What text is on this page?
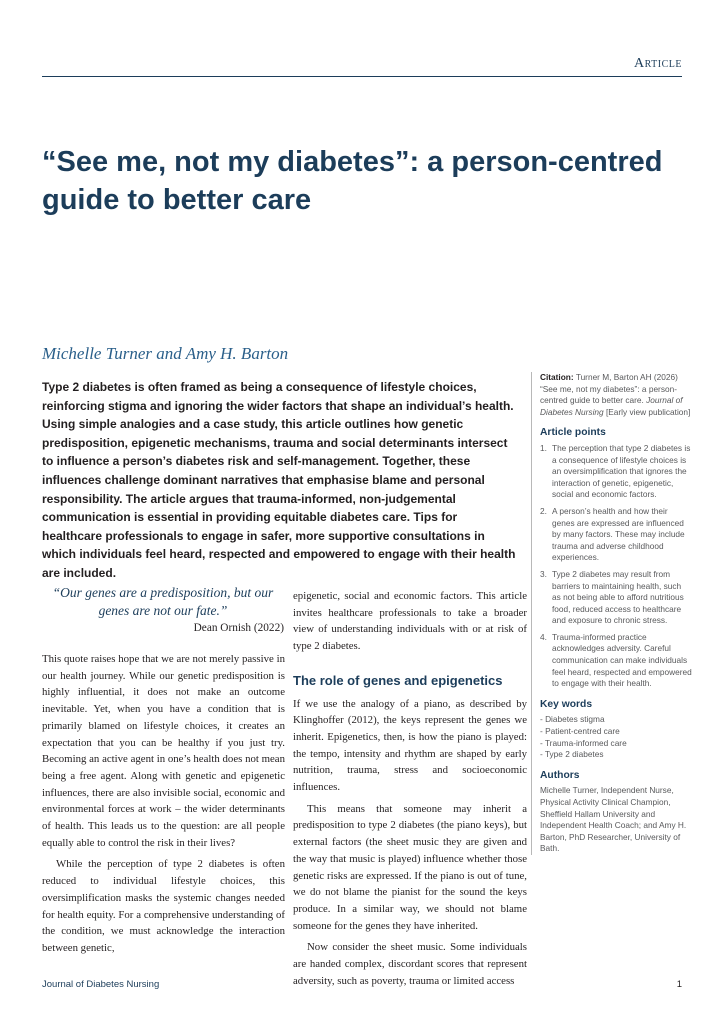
Article
“See me, not my diabetes”: a person-centred guide to better care
Michelle Turner and Amy H. Barton

Type 2 diabetes is often framed as being a consequence of lifestyle choices, reinforcing stigma and ignoring the wider factors that shape an individual’s health. Using simple analogies and a case study, this article outlines how genetic predisposition, epigenetic mechanisms, trauma and social determinants intersect to influence a person’s diabetes risk and self-management. Together, these influences challenge dominant narratives that emphasise blame and personal responsibility. The article argues that trauma-informed, non-judgemental communication is essential in providing equitable diabetes care. Tips for healthcare professionals to engage in safer, more supportive consultations in which individuals feel heard, respected and empowered to engage with their health are included.

Citation: Turner M, Barton AH (2026) “See me, not my diabetes”: a person-centred guide to better care. Journal of Diabetes Nursing [Early view publication]
Article points
1. The perception that type 2 diabetes is a consequence of lifestyle choices is an oversimplification that ignores the interaction of genetic, epigenetic, social and economic factors.
2. A person’s health and how their genes are expressed are influenced by many factors. These may include trauma and adverse childhood experiences.
3. Type 2 diabetes may result from barriers to maintaining health, such as not being able to afford nutritious food, reduced access to healthcare and exposure to chronic stress.
4. Trauma-informed practice acknowledges adversity. Careful communication can make individuals feel heard, respected and empowered to engage with their health.
Key words
- Diabetes stigma
- Patient-centred care
- Trauma-informed care
- Type 2 diabetes
Authors
Michelle Turner, Independent Nurse, Physical Activity Clinical Champion, Sheffield Hallam University and Independent Health Coach; and Amy H. Barton, PhD Researcher, University of Bath.
“Our genes are a predisposition, but our genes are not our fate.”
Dean Ornish (2022)

This quote raises hope that we are not merely passive in our health journey. While our genetic predisposition is highly influential, it does not make an outcome inevitable. Yet, when you have a condition that is primarily blamed on lifestyle choices, it creates an expectation that you can be healthy if you just try. Becoming an active agent in one’s health does not mean being a free agent. Along with genetic and epigenetic influences, there are also invisible social, economic and environmental forces at work – the wider determinants of health. This leads us to the question: are all people equally able to control the risk in their lives?

While the perception of type 2 diabetes is often reduced to individual lifestyle choices, this oversimplification masks the systemic changes needed for health equity. For a comprehensive understanding of the condition, we must acknowledge the interaction between genetic,

epigenetic, social and economic factors. This article invites healthcare professionals to take a broader view of understanding individuals with or at risk of type 2 diabetes.

The role of genes and epigenetics

If we use the analogy of a piano, as described by Klinghoffer (2012), the keys represent the genes we inherit. Epigenetics, then, is how the piano is played: the tempo, intensity and rhythm are shaped by early nutrition, trauma, stress and socioeconomic influences.

This means that someone may inherit a predisposition to type 2 diabetes (the piano keys), but external factors (the sheet music they are given and the way that music is played) influence whether those genetic risks are expressed. If the piano is out of tune, we do not blame the pianist for the sound the keys produce. In a similar way, we should not blame someone for the genes they have inherited.

Now consider the sheet music. Some individuals are handed complex, discordant scores that represent adversity, such as poverty, trauma or limited access

Journal of Diabetes Nursing	1
